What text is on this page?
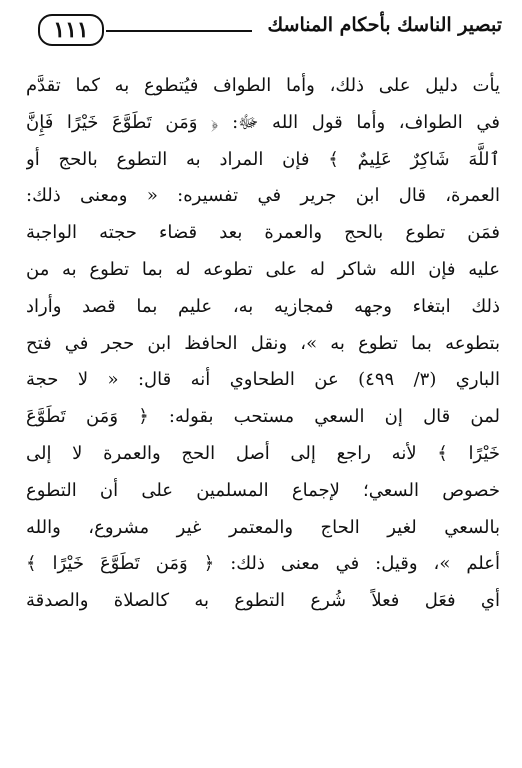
تبصير الناسك بأحكام المناسك
١١١
يأت دليل على ذلك، وأما الطواف فيُتطوع به كما تقدَّم
في الطواف، وأما قول الله ﷻ: ﴿ وَمَن تَطَوَّعَ خَيْرًا فَإِنَّ
ٱللَّهَ شَاكِرٌ عَلِيمٌ ﴾ فإن المراد به التطوع بالحج أو
العمرة، قال ابن جرير في تفسيره: « ومعنى ذلك:
فمَن تطوع بالحج والعمرة بعد قضاء حجته الواجبة
عليه فإن الله شاكر له على تطوعه له بما تطوع به من
ذلك ابتغاء وجهه فمجازيه به، عليم بما قصد وأراد
بتطوعه بما تطوع به »، ونقل الحافظ ابن حجر في فتح
الباري (٣/ ٤٩٩) عن الطحاوي أنه قال: « لا حجة
لمن قال إن السعي مستحب بقوله: ﴿ وَمَن تَطَوَّعَ
خَيْرًا ﴾ لأنه راجع إلى أصل الحج والعمرة لا إلى
خصوص السعي؛ لإجماع المسلمين على أن التطوع
بالسعي لغير الحاج والمعتمر غير مشروع، والله
أعلم »، وقيل: في معنى ذلك: ﴿ وَمَن تَطَوَّعَ خَيْرًا ﴾
أي فعَل فعلاً شُرع التطوع به كالصلاة والصدقة
